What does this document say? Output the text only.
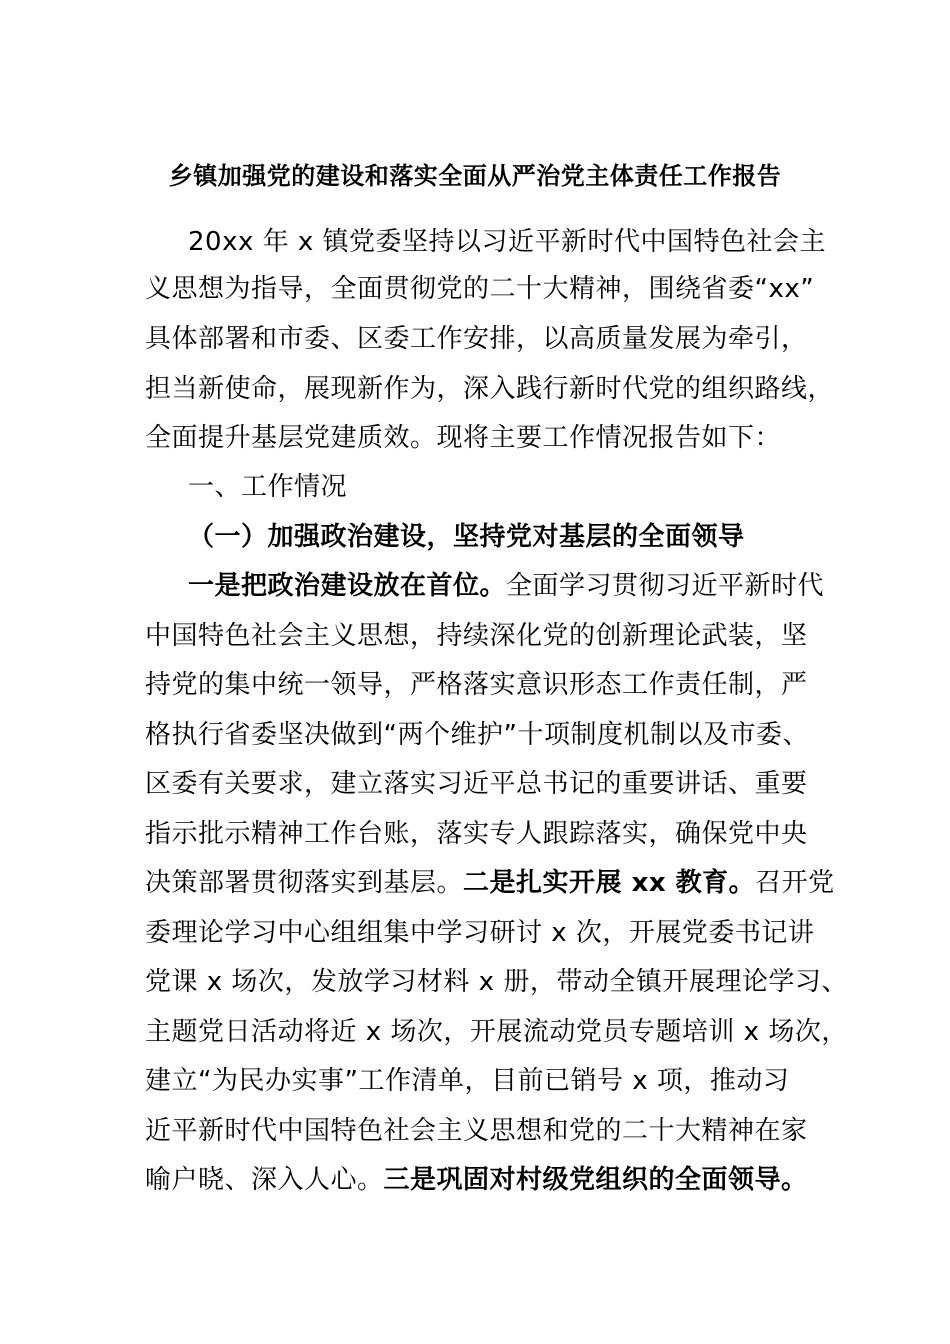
乡镇加强党的建设和落实全面从严治党主体责任工作报告
20xx 年 x 镇党委坚持以习近平新时代中国特色社会主
义思想为指导，全面贯彻党的二十大精神，围绕省委“xx”
具体部署和市委、区委工作安排，以高质量发展为牵引，
担当新使命，展现新作为，深入践行新时代党的组织路线，
全面提升基层党建质效。现将主要工作情况报告如下：
一、工作情况
（一）加强政治建设，坚持党对基层的全面领导
一是把政治建设放在首位。全面学习贯彻习近平新时代
中国特色社会主义思想，持续深化党的创新理论武装，坚
持党的集中统一领导，严格落实意识形态工作责任制，严
格执行省委坚决做到“两个维护”十项制度机制以及市委、
区委有关要求，建立落实习近平总书记的重要讲话、重要
指示批示精神工作台账，落实专人跟踪落实，确保党中央
决策部署贯彻落实到基层。二是扎实开展 xx 教育。召开党
委理论学习中心组组集中学习研讨 x 次，开展党委书记讲
党课 x 场次，发放学习材料 x 册，带动全镇开展理论学习、
主题党日活动将近 x 场次，开展流动党员专题培训 x 场次，
建立“为民办实事”工作清单，目前已销号 x 项，推动习
近平新时代中国特色社会主义思想和党的二十大精神在家
喻户晓、深入人心。三是巩固对村级党组织的全面领导。
